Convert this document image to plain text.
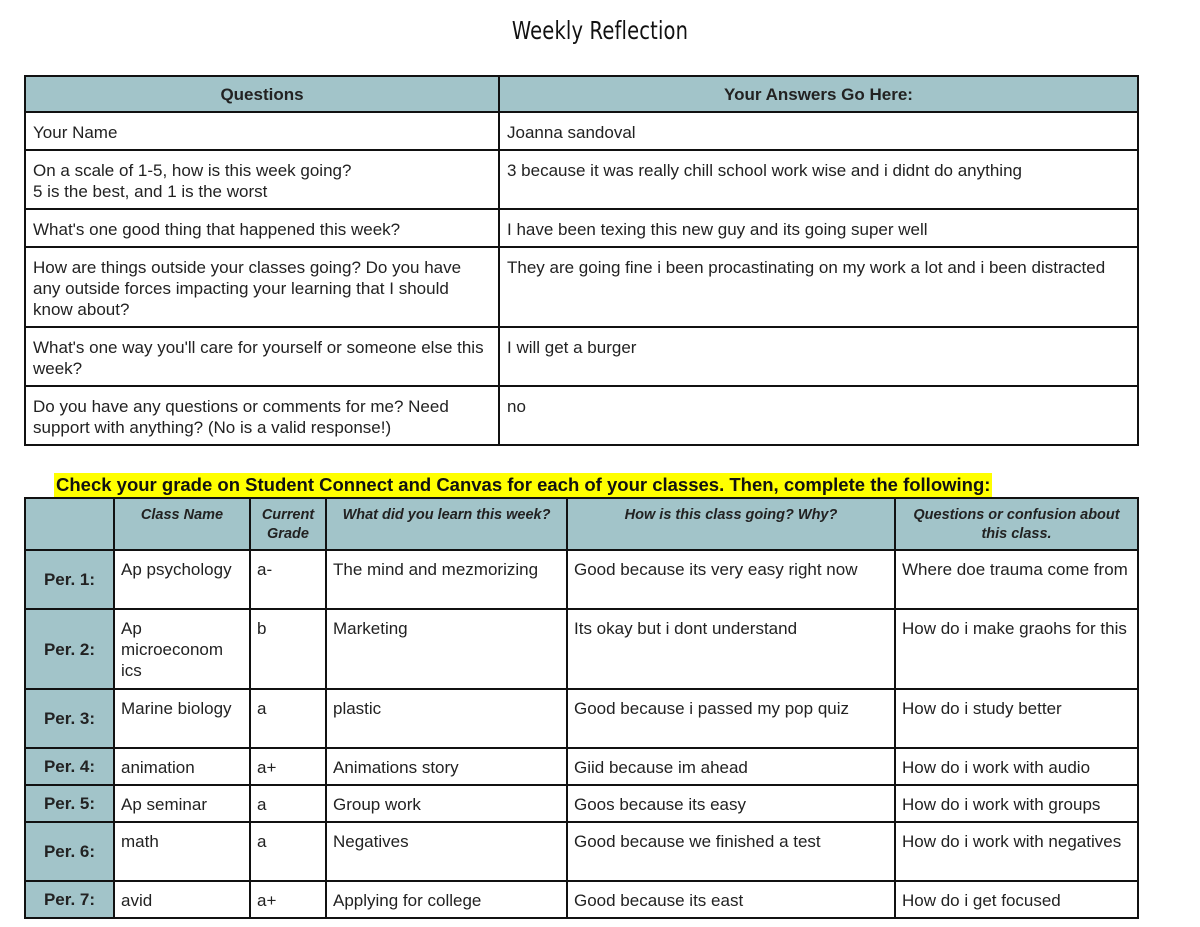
Weekly Reflection
Questions	Your Answers Go Here:
Your Name	Joanna sandoval
On a scale of 1-5, how is this week going?
5 is the best, and 1 is the worst	3 because it was really chill school work wise and i didnt do anything
What's one good thing that happened this week?	I have been texing this new guy and its going super well
How are things outside your classes going? Do you have any outside forces impacting your learning that I should know about?	They are going fine i been procastinating on my work a lot and i been distracted
What's one way you'll care for yourself or someone else this week?	I will get a burger
Do you have any questions or comments for me? Need support with anything? (No is a valid response!)	no
Check your grade on Student Connect and Canvas for each of your classes. Then, complete the following:
	Class Name	Current Grade	What did you learn this week?	How is this class going? Why?	Questions or confusion about this class.
Per. 1:	Ap psychology	a-	The mind and mezmorizing	Good because its very easy right now	Where doe trauma come from
Per. 2:	Ap
microeconom
ics	b	Marketing	Its okay but i dont understand	How do i make graohs for this
Per. 3:	Marine biology	a	plastic	Good because i passed my pop quiz	How do i study better
Per. 4:	animation	a+	Animations story	Giid because im ahead	How do i work with audio
Per. 5:	Ap seminar	a	Group work	Goos because its easy	How do i work with groups
Per. 6:	math	a	Negatives	Good because we finished a test	How do i work with negatives
Per. 7:	avid	a+	Applying for college	Good because its east	How do i get focused
